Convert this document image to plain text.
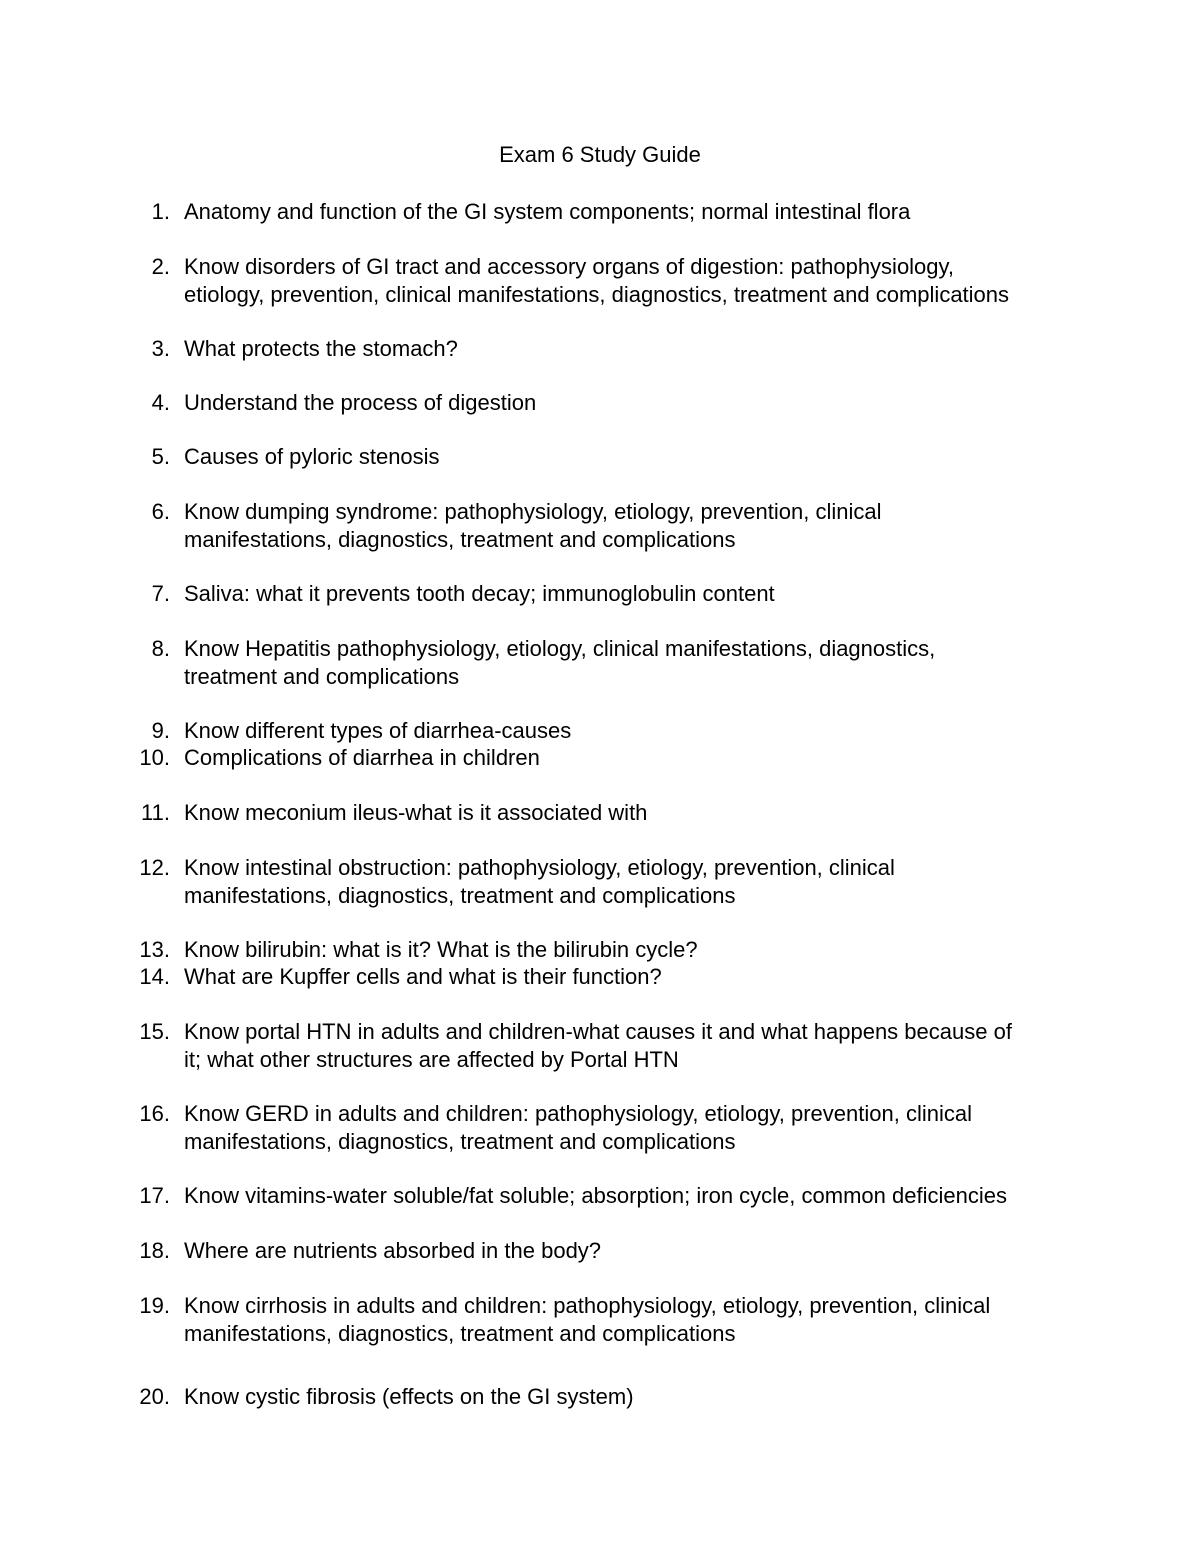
Exam 6 Study Guide
1. Anatomy and function of the GI system components; normal intestinal flora
2. Know disorders of GI tract and accessory organs of digestion: pathophysiology,
etiology, prevention, clinical manifestations, diagnostics, treatment and complications
3. What protects the stomach?
4. Understand the process of digestion
5. Causes of pyloric stenosis
6. Know dumping syndrome: pathophysiology, etiology, prevention, clinical
manifestations, diagnostics, treatment and complications
7. Saliva: what it prevents tooth decay; immunoglobulin content
8. Know Hepatitis pathophysiology, etiology, clinical manifestations, diagnostics,
treatment and complications
9. Know different types of diarrhea-causes
10. Complications of diarrhea in children
11. Know meconium ileus-what is it associated with
12. Know intestinal obstruction: pathophysiology, etiology, prevention, clinical
manifestations, diagnostics, treatment and complications
13. Know bilirubin: what is it? What is the bilirubin cycle?
14. What are Kupffer cells and what is their function?
15. Know portal HTN in adults and children-what causes it and what happens because of
it; what other structures are affected by Portal HTN
16. Know GERD in adults and children: pathophysiology, etiology, prevention, clinical
manifestations, diagnostics, treatment and complications
17. Know vitamins-water soluble/fat soluble; absorption; iron cycle, common deficiencies
18. Where are nutrients absorbed in the body?
19. Know cirrhosis in adults and children: pathophysiology, etiology, prevention, clinical
manifestations, diagnostics, treatment and complications
20. Know cystic fibrosis (effects on the GI system)
